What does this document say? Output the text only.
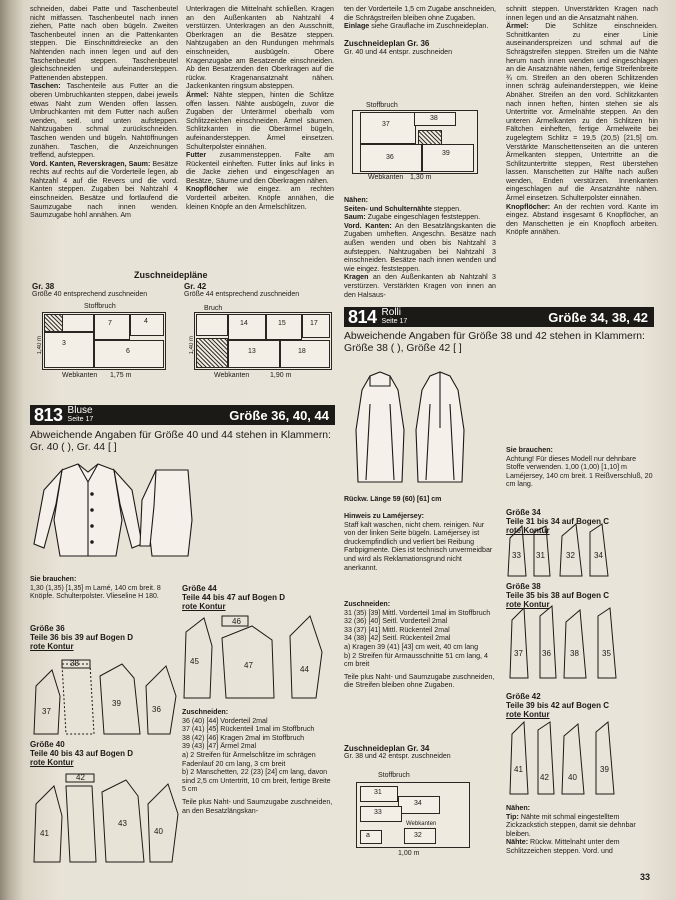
schneiden, dabei Patte und Taschenbeutel nicht mitfassen. Taschenbeutel nach innen ziehen, Patte nach oben bügeln. Zweiten Taschenbeutel innen an die Pattenkanten steppen. Die Einschnittdreiecke an den Nahtenden nach innen legen und auf den Taschenbeutel steppen. Taschenbeutel gleichschneiden und aufeinandersteppen. Pattenenden absteppen.

Taschen: Taschenteile aus Futter an die oberen Umbruchkanten steppen, dabei jeweils etwas Naht zum Wenden offen lassen. Umbruchkanten mit dem Futter nach außen wenden, seitl. und unten aufsteppen. Nahtzugaben schmal zurückschneiden. Taschen wenden und bügeln. Nahtöffnungen zunähen. Taschen, die Anzeichnungen treffend, aufsteppen.

Vord. Kanten, Reverskragen, Saum: Besätze rechts auf rechts auf die Vorderteile legen, ab Nahtzahl 4 auf die Revers und die vord. Kanten steppen. Zugaben bei Nahtzahl 4 einschneiden. Besätze und fortlaufend die Saumzugabe nach innen wenden. Saumzugabe hohl annähen. Am

Unterkragen die Mittelnaht schließen. Kragen an den Außenkanten ab Nahtzahl 4 verstürzen. Unterkragen an den Ausschnitt, Oberkragen an die Besätze steppen. Nahtzugaben an den Rundungen mehrmals einschneiden, ausbügeln. Obere Kragenzugabe am Besatzende einschneiden. Ab den Besatzenden den Oberkragen auf die rückw. Kragenansatznaht nähen. Jackenkanten ringsum absteppen.

Ärmel: Nähte steppen, hinten die Schlitze offen lassen. Nähte ausbügeln, zuvor die Zugaben der Unterärmel oberhalb vom Schlitzzeichen einschneiden. Ärmel säumen. Schlitzkanten in die Oberärmel bügeln, aufeinandersteppen. Ärmel einsetzen. Schulterpolster einnähen.

Futter zusammensteppen. Falte am Rückenteil einheften. Futter links auf links in die Jacke ziehen und eingeschlagen an Besätze, Säume und den Oberkragen nähen.

Knopflöcher wie eingez. am rechten Vorderteil arbeiten. Knöpfe annähen, die kleinen Knöpfe an den Ärmelschlitzen.

ten der Vorderteile 1,5 cm Zugabe anschneiden, die Schrägstreifen bleiben ohne Zugaben.

Einlage siehe Grauflache im Zuschneideplan.

Zuschneideplan Gr. 36
Gr. 40 und 44 entspr. zuschneiden
Stoffbruch
37
38
36
39
Webkanten 1,30 m

Nähen:

Seiten- und Schulternähte steppen.

Saum: Zugabe eingeschlagen feststeppen.

Vord. Kanten: An den Besatzlängskanten die Zugaben umheften. Angeschn. Besätze nach außen wenden und oben bis Nahtzahl 3 aufsteppen. Nahtzugaben bei Nahtzahl 3 einschneiden. Besätze nach innen wenden und wie eingez. feststeppen.

Kragen an den Außenkanten ab Nahtzahl 3 verstürzen. Verstärkten Kragen von innen an den Halsaus-

schnitt steppen. Unverstärkten Kragen nach innen legen und an die Ansatznaht nähen.

Ärmel: Die Schlitze einschneiden. Schnittkanten zu einer Linie auseinanderspreizen und schmal auf die Schrägstreifen steppen. Streifen um die Nähte herum nach innen wenden und eingeschlagen an die Ansatznähte nähen, fertige Streifenbreite ¾ cm. Streifen an den oberen Schlitzenden innen schräg aufeinandersteppen, wie kleine Abnäher. Streifen an den vord. Schlitzkanten nach innen heften, hinten stehen sie als Untertritte vor. Ärmelnähte steppen. An den unteren Ärmelkanten zu den Schlitzen hin Fältchen einheften, fertige Ärmelweite bei zugelegtem Schlitz = 19,5 (20,5) [21,5] cm. Verstärkte Manschettenseiten an die unteren Ärmelkanten steppen, Untertritte an die Schlitzuntertritte steppen, Rest überstehen lassen. Manschetten zur Hälfte nach außen wenden, Enden verstürzen. Innenkanten eingeschlagen auf die Ansatznähte nähen. Ärmel einsetzen. Schulterpolster einnähen.

Knopflöcher: An der rechten vord. Kante im eingez. Abstand insgesamt 6 Knopflöcher, an den Manschetten je ein Knopfloch arbeiten. Knöpfe annähen.

Zuschneidepläne
Gr. 38
Größe 40 entsprechend zuschneiden
Stoffbruch
7	4
3
6
1,40 m
Webkanten 1,75 m
Gr. 42
Größe 44 entsprechend zuschneiden
Bruch
14	15	17
13	18
1,40 m
Webkanten	1,90 m
813 Bluse
Seite 17	Größe 36, 40, 44
Abweichende Angaben für Größe 40 und 44 stehen in Klammern: Gr. 40 ( ), Gr. 44 [ ]
Sie brauchen:
1,30 (1,35) [1,35] m Lamé, 140 cm breit. 8 Knöpfe. Schulterpolster. Vlieseline H 180.
Größe 36
Teile 36 bis 39 auf Bogen D
rote Kontur
37
38
39
36
Größe 40
Teile 40 bis 43 auf Bogen D
rote Kontur
41
42
43
40
Größe 44
Teile 44 bis 47 auf Bogen D
rote Kontur
45
46
47	44
Zuschneiden:
36 (40) [44] Vorderteil 2mal
37 (41) [45] Rückenteil 1mal im Stoffbruch
38 (42) [46] Kragen 2mal im Stoffbruch
39 (43) [47] Ärmel 2mal
a) 2 Streifen für Ärmelschlitze im schrägen Fadenlauf 20 cm lang, 3 cm breit
b) 2 Manschetten, 22 (23) [24] cm lang, davon sind 2,5 cm Untertritt, 10 cm breit, fertige Breite 5 cm
Teile plus Naht- und Saumzugabe zuschneiden, an den Besatzlängskan-
814 Rolli
Seite 17	Größe 34, 38, 42
Abweichende Angaben für Größe 38 und 42 stehen in Klammern: Größe 38 ( ), Größe 42 [ ]
Rückw. Länge 59 (60) [61] cm
Hinweis zu Laméjersey:
Staff kalt waschen, nicht chem. reinigen. Nur von der linken Seite bügeln. Laméjersey ist druckempfindlich und verliert bei Reibung Farbpigmente. Dies ist technisch unvermeidbar und wird als Reklamationsgrund nicht anerkannt.
Zuschneiden:
31 (35) [39] Mittl. Vorderteil 1mal im Stoffbruch
32 (36) [40] Seitl. Vorderteil 2mal
33 (37) [41] Mittl. Rückenteil 2mal
34 (38) [42] Seitl. Rückenteil 2mal
a) Kragen 39 (41) [43] cm weit, 40 cm lang
b) 2 Streifen für Armausschnitte 51 cm lang, 4 cm breit
Teile plus Naht- und Saumzugabe zuschneiden, die Streifen bleiben ohne Zugaben.
Zuschneideplan Gr. 34
Gr. 38 und 42 entspr. zuschneiden
Stoffbruch
31
34
33
32
a
Webkanten
1,00 m
Sie brauchen:
Achtung! Für dieses Modell nur dehnbare Stoffe verwenden. 1,00 (1,00) [1,10] m Laméjersey, 140 cm breit. 1 Reißverschluß, 20 cm lang.
Größe 34
Teile 31 bis 34 auf Bogen C
rote Kontur
33 31	32 34
Größe 38
Teile 35 bis 38 auf Bogen C
rote Kontur
37 36 38	35
Größe 42
Teile 39 bis 42 auf Bogen C
rote Kontur
41
42 40
39
Nähen:
Tip: Nähte mit schmal eingestelltem Zickzackstich steppen, damit sie dehnbar bleiben.
Nähte: Rückw. Mittelnaht unter dem Schlitzzeichen steppen. Vord. und
33
